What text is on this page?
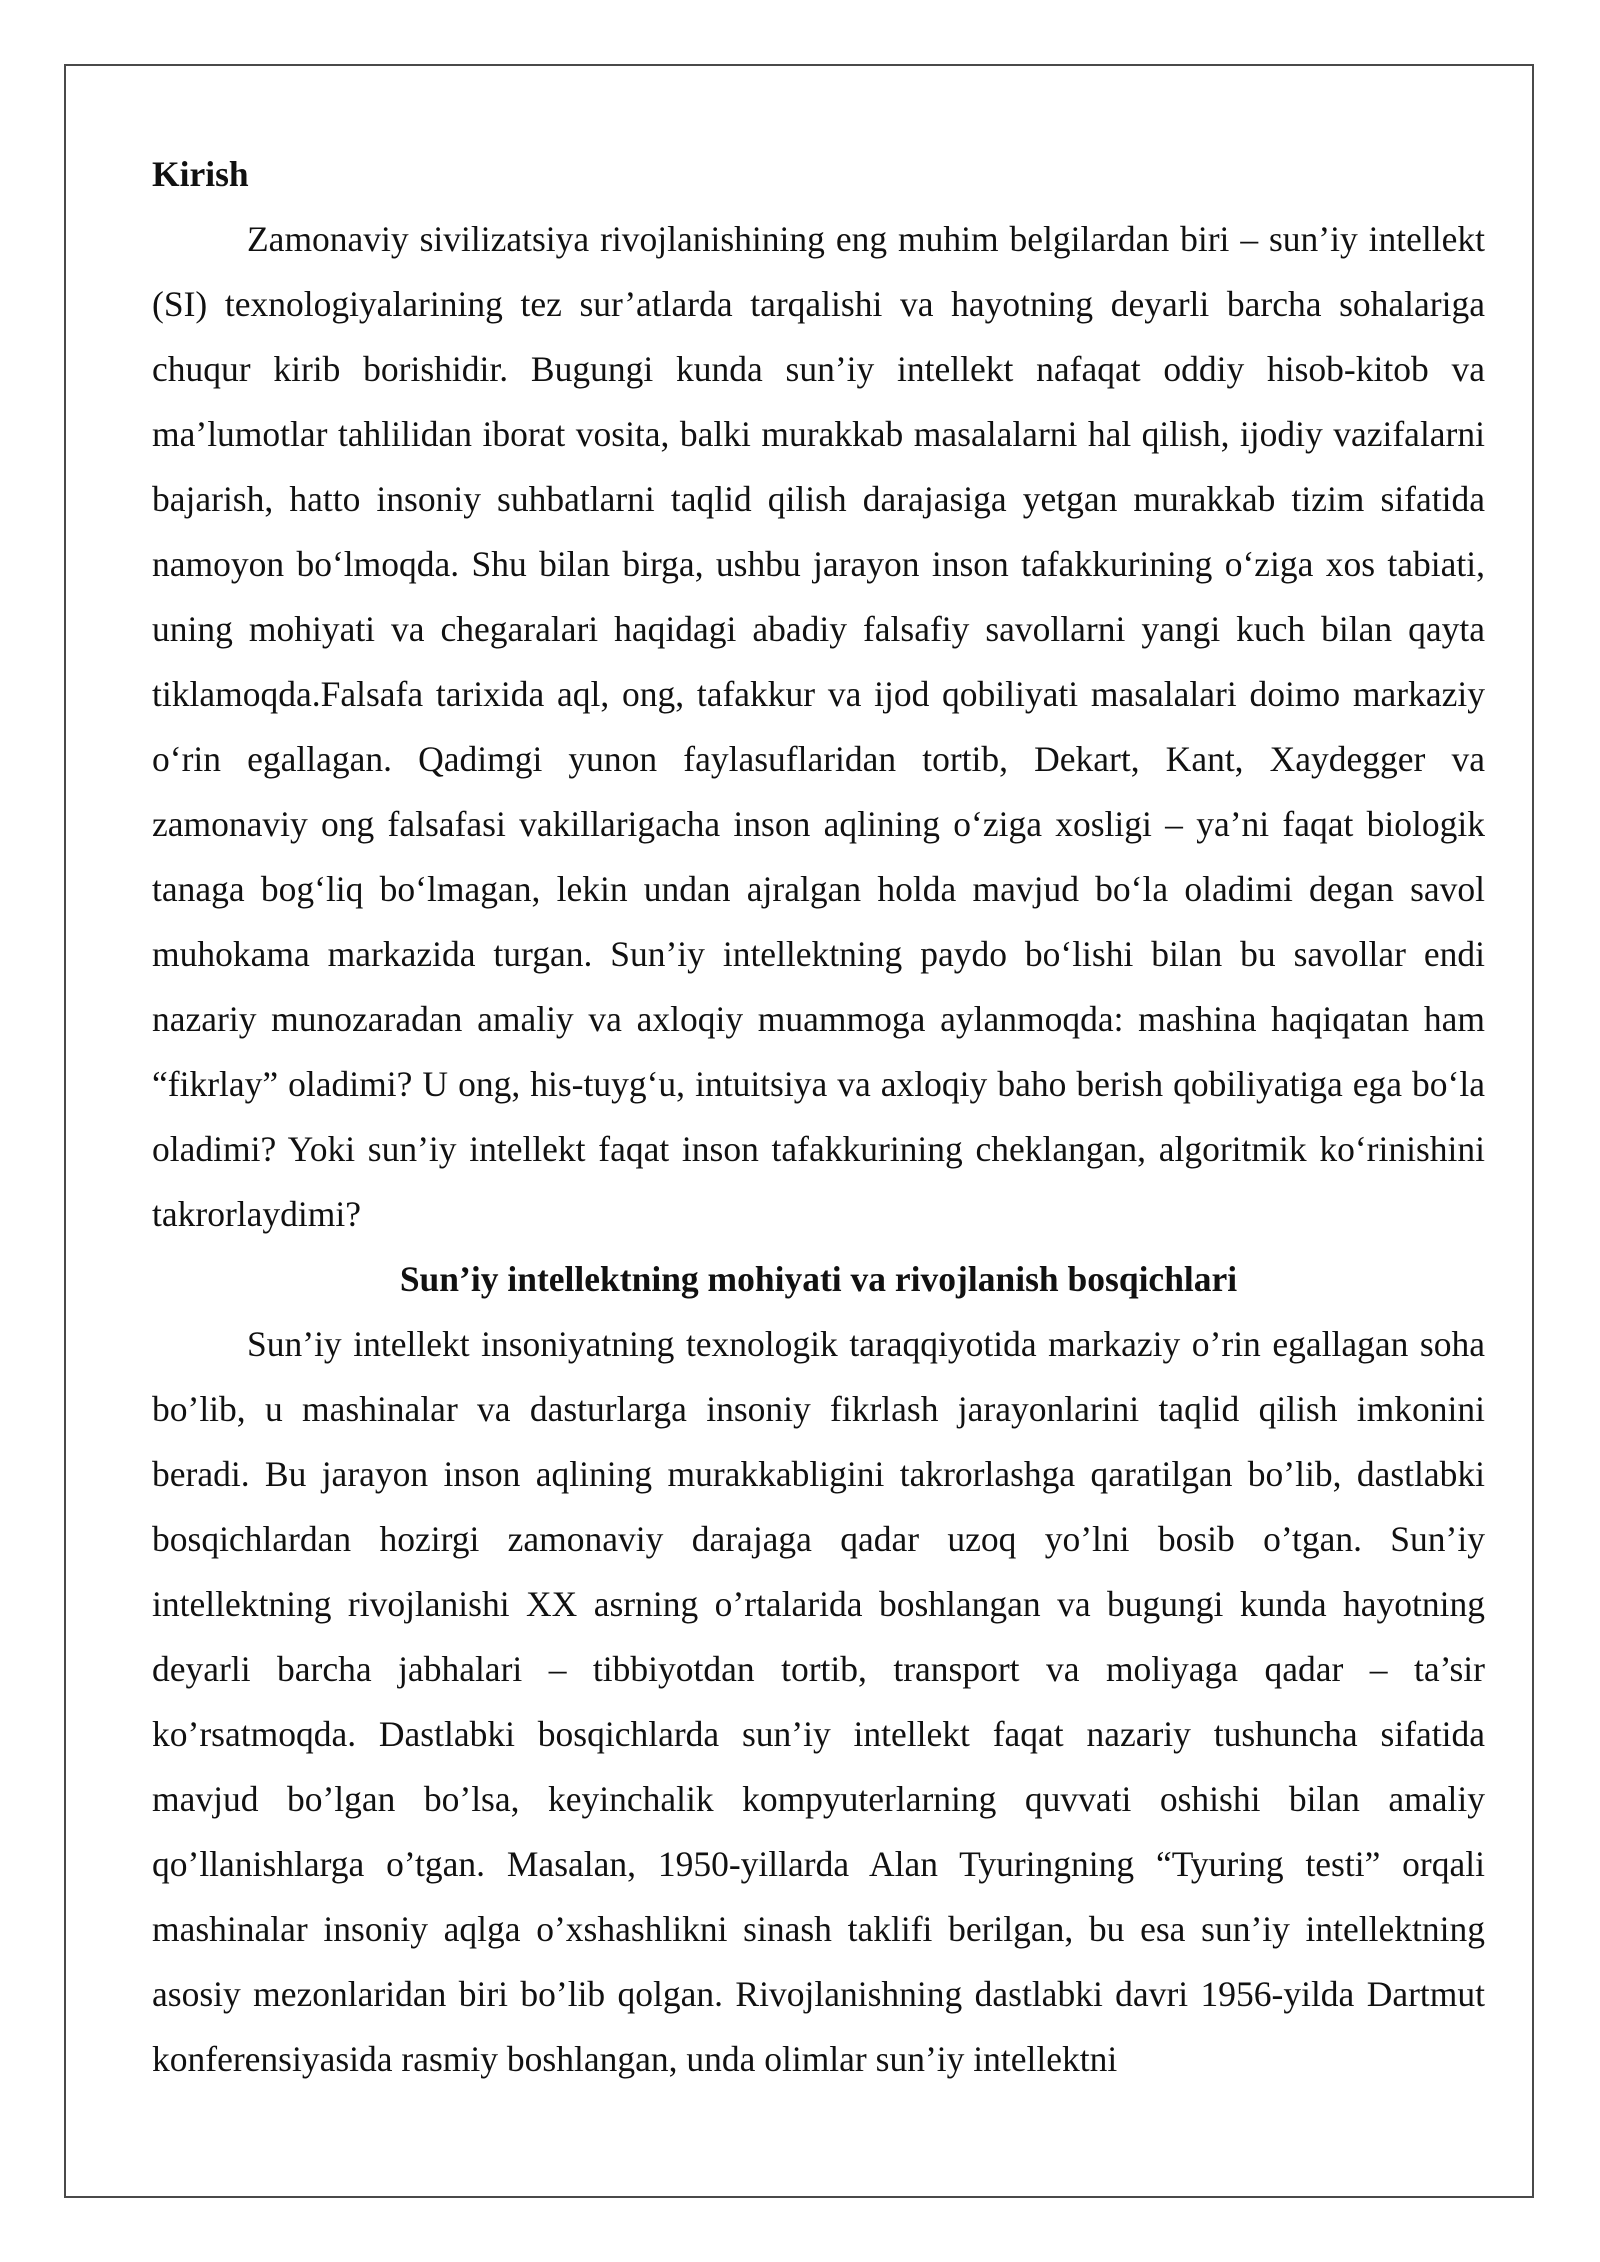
Kirish

Zamonaviy sivilizatsiya rivojlanishining eng muhim belgilardan biri – sun’iy intellekt (SI) texnologiyalarining tez sur’atlarda tarqalishi va hayotning deyarli barcha sohalariga chuqur kirib borishidir. Bugungi kunda sun’iy intellekt nafaqat oddiy hisob-kitob va ma’lumotlar tahlilidan iborat vosita, balki murakkab masalalarni hal qilish, ijodiy vazifalarni bajarish, hatto insoniy suhbatlarni taqlid qilish darajasiga yetgan murakkab tizim sifatida namoyon boʻlmoqda. Shu bilan birga, ushbu jarayon inson tafakkurining oʻziga xos tabiati, uning mohiyati va chegaralari haqidagi abadiy falsafiy savollarni yangi kuch bilan qayta tiklamoqda.Falsafa tarixida aql, ong, tafakkur va ijod qobiliyati masalalari doimo markaziy oʻrin egallagan. Qadimgi yunon faylasuflaridan tortib, Dekart, Kant, Xaydegger va zamonaviy ong falsafasi vakillarigacha inson aqlining oʻziga xosligi – ya’ni faqat biologik tanaga bogʻliq boʻlmagan, lekin undan ajralgan holda mavjud boʻla oladimi degan savol muhokama markazida turgan. Sun’iy intellektning paydo boʻlishi bilan bu savollar endi nazariy munozaradan amaliy va axloqiy muammoga aylanmoqda: mashina haqiqatan ham “fikrlay” oladimi? U ong, his-tuygʻu, intuitsiya va axloqiy baho berish qobiliyatiga ega boʻla oladimi? Yoki sun’iy intellekt faqat inson tafakkurining cheklangan, algoritmik koʻrinishini takrorlaydimi?

Sun’iy intellektning mohiyati va rivojlanish bosqichlari

Sun’iy intellekt insoniyatning texnologik taraqqiyotida markaziy o’rin egallagan soha bo’lib, u mashinalar va dasturlarga insoniy fikrlash jarayonlarini taqlid qilish imkonini beradi. Bu jarayon inson aqlining murakkabligini takrorlashga qaratilgan bo’lib, dastlabki bosqichlardan hozirgi zamonaviy darajaga qadar uzoq yo’lni bosib o’tgan. Sun’iy intellektning rivojlanishi XX asrning o’rtalarida boshlangan va bugungi kunda hayotning deyarli barcha jabhalari – tibbiyotdan tortib, transport va moliyaga qadar – ta’sir ko’rsatmoqda. Dastlabki bosqichlarda sun’iy intellekt faqat nazariy tushuncha sifatida mavjud bo’lgan bo’lsa, keyinchalik kompyuterlarning quvvati oshishi bilan amaliy qo’llanishlarga o’tgan. Masalan, 1950-yillarda Alan Tyuringning “Tyuring testi” orqali mashinalar insoniy aqlga o’xshashlikni sinash taklifi berilgan, bu esa sun’iy intellektning asosiy mezonlaridan biri bo’lib qolgan. Rivojlanishning dastlabki davri 1956-yilda Dartmut konferensiyasida rasmiy boshlangan, unda olimlar sun’iy intellektni
